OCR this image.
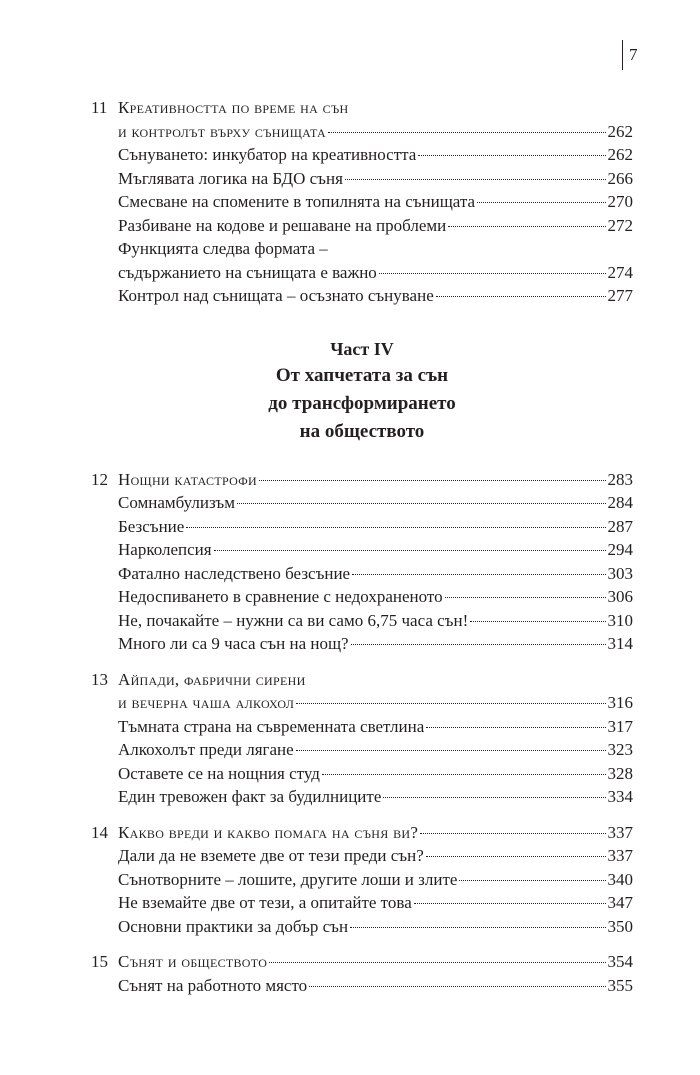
7
11 Креативността по време на сън
и контролът върху сънищата	262
Сънуването: инкубатор на креативността	262
Мъглявата логика на БДО съня	266
Смесване на спомените в топилнята на сънищата	270
Разбиване на кодове и решаване на проблеми	272
Функцията следва формата –
съдържанието на сънищата е важно	274
Контрол над сънищата – осъзнато сънуване	277
Част IV
От хапчетата за сън
до трансформирането
на обществото
12 Нощни катастрофи	283
Сомнамбулизъм	284
Безсъние	287
Нарколепсия	294
Фатално наследствено безсъние	303
Недоспиването в сравнение с недохраненото	306
Не, почакайте – нужни са ви само 6,75 часа сън!	310
Много ли са 9 часа сън на нощ?	314
13 Айпади, фабрични сирени
и вечерна чаша алкохол	316
Тъмната страна на съвременната светлина	317
Алкохолът преди лягане	323
Оставете се на нощния студ	328
Един тревожен факт за будилниците	334
14 Какво вреди и какво помага на съня ви?	337
Дали да не вземете две от тези преди сън?	337
Сънотворните – лошите, другите лоши и злите	340
Не вземайте две от тези, а опитайте това	347
Основни практики за добър сън	350
15 Сънят и обществото	354
Сънят на работното място	355
